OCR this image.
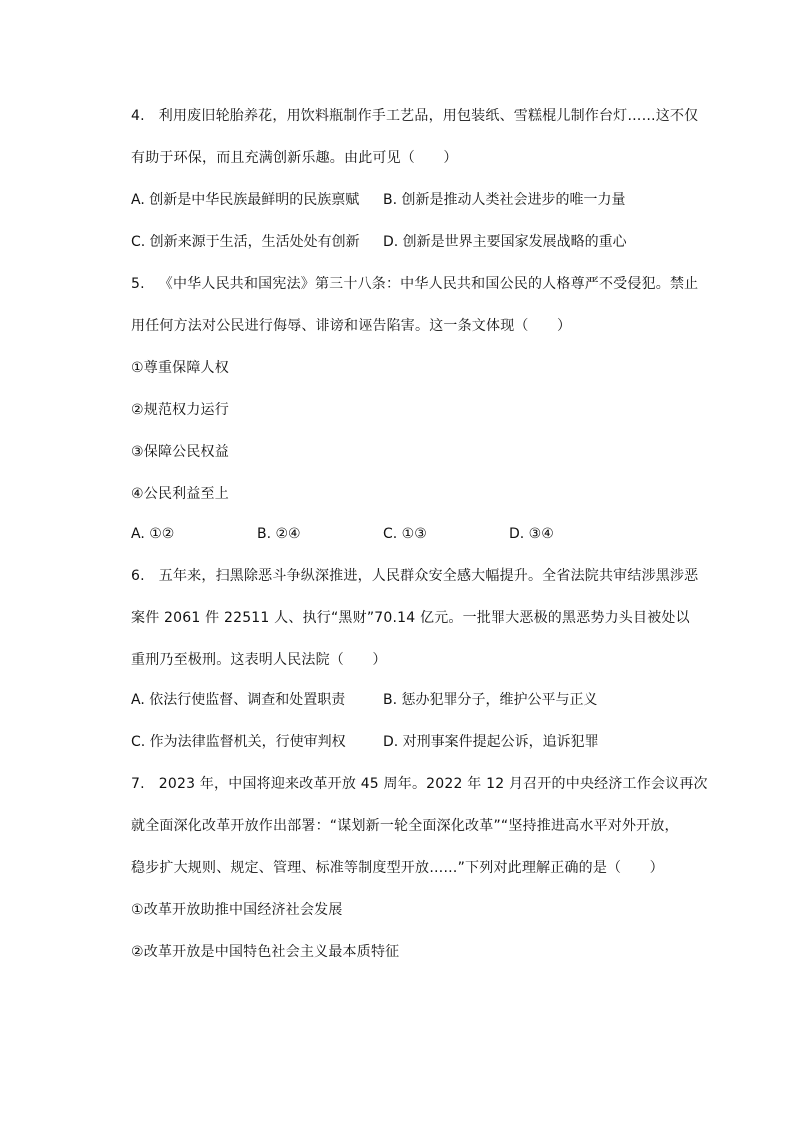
4. 利用废旧轮胎养花，用饮料瓶制作手工艺品，用包装纸、雪糕棍儿制作台灯……这不仅
有助于环保，而且充满创新乐趣。由此可见（　　）
A. 创新是中华民族最鲜明的民族禀赋 B. 创新是推动人类社会进步的唯一力量
C. 创新来源于生活，生活处处有创新 D. 创新是世界主要国家发展战略的重心
5. 《中华人民共和国宪法》第三十八条：中华人民共和国公民的人格尊严不受侵犯。禁止
用任何方法对公民进行侮辱、诽谤和诬告陷害。这一条文体现（　　）
①尊重保障人权
②规范权力运行
③保障公民权益
④公民利益至上
A. ①②	B. ②④	C. ①③	D. ③④
6. 五年来，扫黑除恶斗争纵深推进，人民群众安全感大幅提升。全省法院共审结涉黑涉恶
案件 2061 件 22511 人、执行“黑财”70.14 亿元。一批罪大恶极的黑恶势力头目被处以
重刑乃至极刑。这表明人民法院（　　）
A. 依法行使监督、调查和处置职责	B. 惩办犯罪分子，维护公平与正义
C. 作为法律监督机关，行使审判权	D. 对刑事案件提起公诉，追诉犯罪
7. 2023 年，中国将迎来改革开放 45 周年。2022 年 12 月召开的中央经济工作会议再次
就全面深化改革开放作出部署：“谋划新一轮全面深化改革”“坚持推进高水平对外开放，
稳步扩大规则、规定、管理、标准等制度型开放……”下列对此理解正确的是（　　）
①改革开放助推中国经济社会发展
②改革开放是中国特色社会主义最本质特征
